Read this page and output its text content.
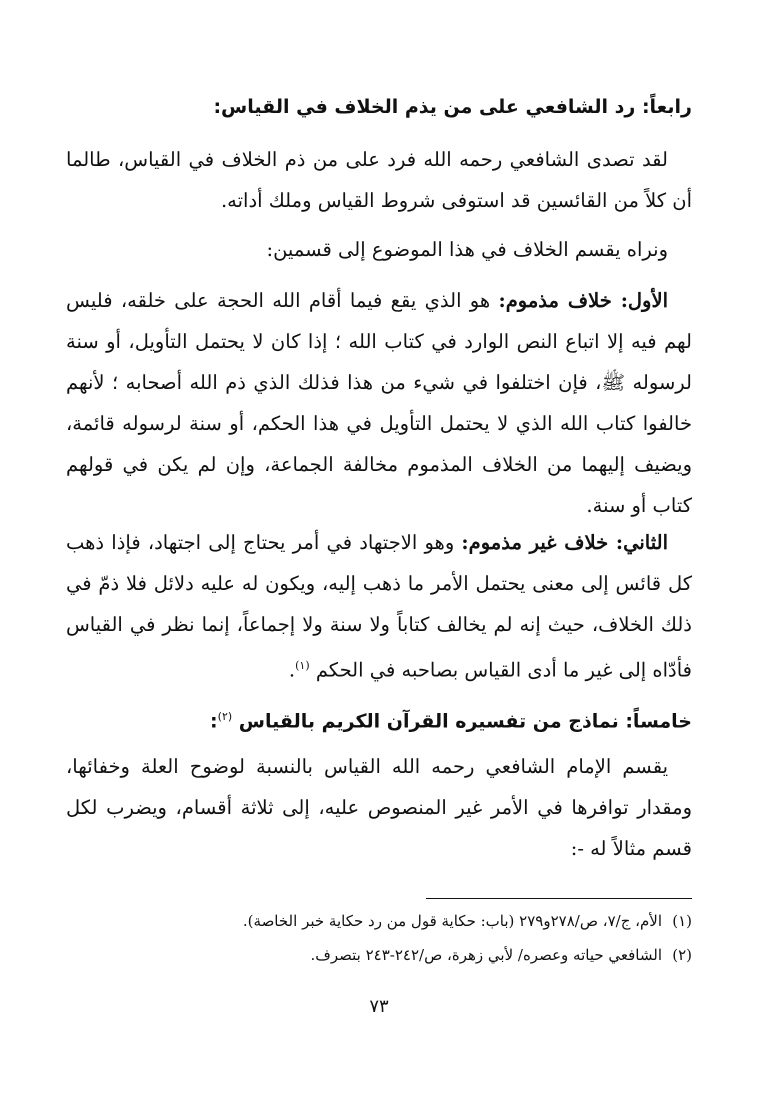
رابعاً: رد الشافعي على من يذم الخلاف في القياس:
لقد تصدى الشافعي رحمه الله فرد على من ذم الخلاف في القياس، طالما أن كلاً من القائسين قد استوفى شروط القياس وملك أداته.
ونراه يقسم الخلاف في هذا الموضوع إلى قسمين:
الأول: خلاف مذموم: هو الذي يقع فيما أقام الله الحجة على خلقه، فليس لهم فيه إلا اتباع النص الوارد في كتاب الله ؛ إذا كان لا يحتمل التأويل، أو سنة لرسوله ﷺ، فإن اختلفوا في شيء من هذا فذلك الذي ذم الله أصحابه ؛ لأنهم خالفوا كتاب الله الذي لا يحتمل التأويل في هذا الحكم، أو سنة لرسوله قائمة، ويضيف إليهما من الخلاف المذموم مخالفة الجماعة، وإن لم يكن في قولهم كتاب أو سنة.
الثاني: خلاف غير مذموم: وهو الاجتهاد في أمر يحتاج إلى اجتهاد، فإذا ذهب كل قائس إلى معنى يحتمل الأمر ما ذهب إليه، ويكون له عليه دلائل فلا ذمّ في ذلك الخلاف، حيث إنه لم يخالف كتاباً ولا سنة ولا إجماعاً، إنما نظر في القياس فأدّاه إلى غير ما أدى القياس بصاحبه في الحكم $^{(١)}$.
خامساً: نماذج من تفسيره القرآن الكريم بالقياس $^{(٢)}$:
يقسم الإمام الشافعي رحمه الله القياس بالنسبة لوضوح العلة وخفائها، ومقدار توافرها في الأمر غير المنصوص عليه، إلى ثلاثة أقسام، ويضرب لكل قسم مثالاً له -:
(١)الأم، ج/٧، ص/٢٧٨و٢٧٩ (باب: حكاية قول من رد حكاية خبر الخاصة).
(٢)الشافعي حياته وعصره/ لأبي زهرة، ص/٢٤٢-٢٤٣ بتصرف.
٧٣
